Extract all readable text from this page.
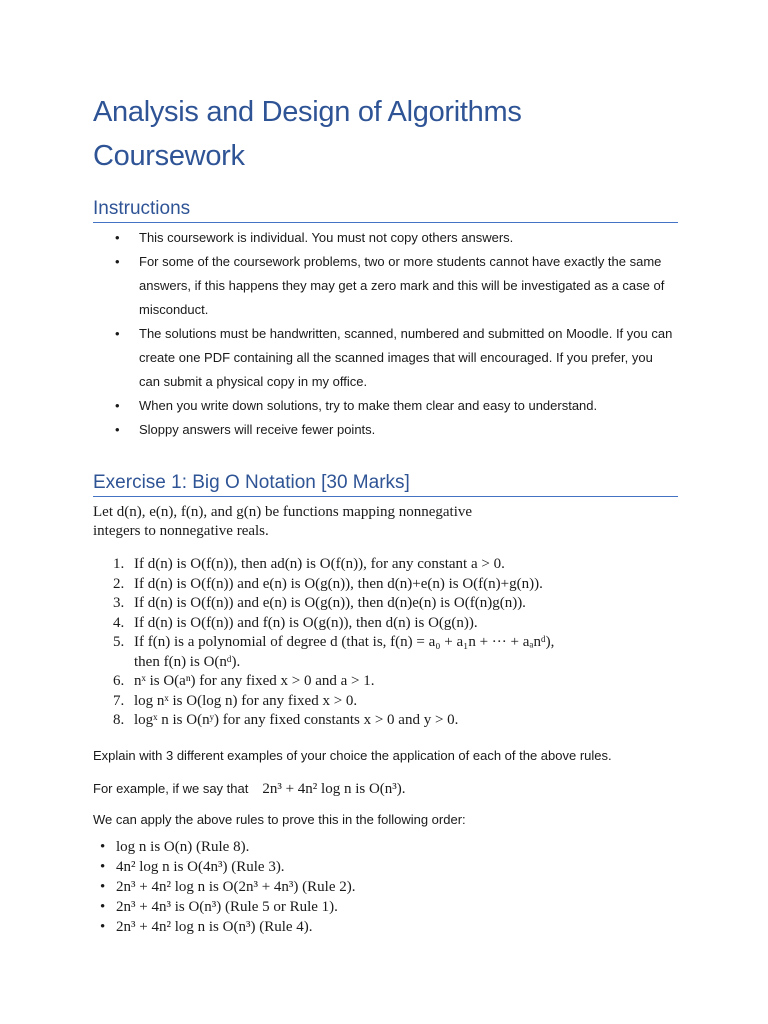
Analysis and Design of Algorithms
Coursework
Instructions
• This coursework is individual. You must not copy others answers.
• For some of the coursework problems, two or more students cannot have exactly the same answers, if this happens they may get a zero mark and this will be investigated as a case of misconduct.
• The solutions must be handwritten, scanned, numbered and submitted on Moodle. If you can create one PDF containing all the scanned images that will encouraged. If you prefer, you can submit a physical copy in my office.
• When you write down solutions, try to make them clear and easy to understand.
• Sloppy answers will receive fewer points.
Exercise 1: Big O Notation [30 Marks]
Let d(n), e(n), f(n), and g(n) be functions mapping nonnegative
integers to nonnegative reals.
1. If d(n) is O(f(n)), then ad(n) is O(f(n)), for any constant a > 0.
2. If d(n) is O(f(n)) and e(n) is O(g(n)), then d(n)+e(n) is O(f(n)+g(n)).
3. If d(n) is O(f(n)) and e(n) is O(g(n)), then d(n)e(n) is O(f(n)g(n)).
4. If d(n) is O(f(n)) and f(n) is O(g(n)), then d(n) is O(g(n)).
5. If f(n) is a polynomial of degree d (that is, f(n) = a₀ + a₁n + ··· + aₐnᵈ),
then f(n) is O(nᵈ).
6. nˣ is O(aⁿ) for any fixed x > 0 and a > 1.
7. log nˣ is O(log n) for any fixed x > 0.
8. logˣ n is O(nʸ) for any fixed constants x > 0 and y > 0.
Explain with 3 different examples of your choice the application of each of the above rules.
For example, if we say that 2n³ + 4n² log n is O(n³).
We can apply the above rules to prove this in the following order:
• log n is O(n) (Rule 8).
• 4n² log n is O(4n³) (Rule 3).
• 2n³ + 4n² log n is O(2n³ + 4n³) (Rule 2).
• 2n³ + 4n³ is O(n³) (Rule 5 or Rule 1).
• 2n³ + 4n² log n is O(n³) (Rule 4).
